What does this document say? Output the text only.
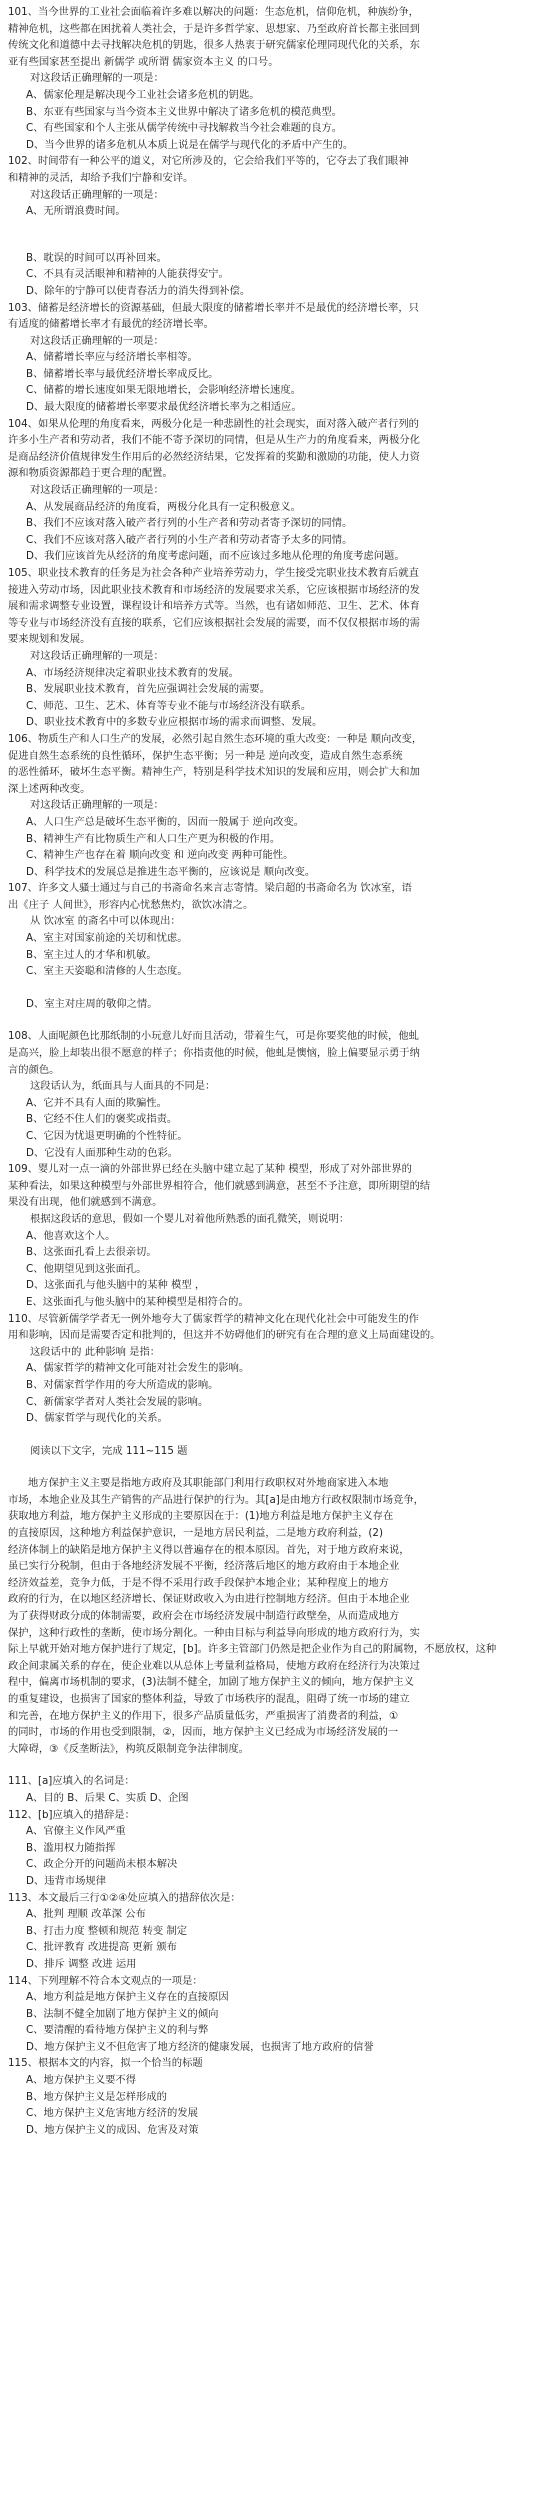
101、当今世界的工业社会面临着许多难以解决的问题：生态危机，信仰危机，种族纷争，

精神危机，这些都在困扰着人类社会，于是许多哲学家、思想家、乃至政府首长都主张回到

传统文化和道德中去寻找解决危机的钥匙，很多人热衷于研究儒家伦理同现代化的关系，东

亚有些国家甚至提出 新儒学 或所谓 儒家资本主义 的口号。

对这段话正确理解的一项是：

A、儒家伦理是解决现今工业社会诸多危机的钥匙。

B、东亚有些国家与当今资本主义世界中解决了诸多危机的模范典型。

C、有些国家和个人主张从儒学传统中寻找解救当今社会难题的良方。

D、当今世界的诸多危机从本质上说是在儒学与现代化的矛盾中产生的。

102、时间带有一种公平的道义，对它所涉及的，它会给我们平等的，它夺去了我们眼神

和精神的灵活，却给予我们宁静和安详。

对这段话正确理解的一项是：

A、无所谓浪费时间。

B、耽误的时间可以再补回来。

C、不具有灵活眼神和精神的人能获得安宁。

D、除年的宁静可以使青春活力的消失得到补偿。

103、储蓄是经济增长的资源基础，但最大限度的储蓄增长率并不是最优的经济增长率，只

有适度的储蓄增长率才有最优的经济增长率。

对这段话正确理解的一项是：

A、储蓄增长率应与经济增长率相等。

B、储蓄增长率与最优经济增长率成反比。

C、储蓄的增长速度如果无限地增长，会影响经济增长速度。

D、最大限度的储蓄增长率要求最优经济增长率为之相适应。

104、如果从伦理的角度看来，两极分化是一种悲剧性的社会现实，面对落入破产者行列的

许多小生产者和劳动者，我们不能不寄予深切的同情，但是从生产力的角度看来，两极分化

是商品经济价值规律发生作用后的必然经济结果，它发挥着的奖勤和激励的功能，使人力资

源和物质资源都趋于更合理的配置。

对这段话正确理解的一项是：

A、从发展商品经济的角度看，两极分化具有一定积极意义。

B、我们不应该对落入破产者行列的小生产者和劳动者寄予深切的同情。

C、我们不应该对落入破产者行列的小生产者和劳动者寄予太多的同情。

D、我们应该首先从经济的角度考虑问题，而不应该过多地从伦理的角度考虑问题。

105、职业技术教育的任务是为社会各种产业培养劳动力，学生接受完职业技术教育后就直

接进入劳动市场，因此职业技术教育和市场经济的发展要求关系，它应该根据市场经济的发

展和需求调整专业设置，课程设计和培养方式等。当然，也有诸如师范、卫生、艺术、体育

等专业与市场经济没有直接的联系，它们应该根据社会发展的需要，而不仅仅根据市场的需

要来规划和发展。

对这段话正确理解的一项是：

A、市场经济规律决定着职业技术教育的发展。

B、发展职业技术教育，首先应强调社会发展的需要。

C、师范、卫生、艺术、体育等专业不能与市场经济没有联系。

D、职业技术教育中的多数专业应根据市场的需求而调整、发展。

106、物质生产和人口生产的发展，必然引起自然生态环境的重大改变：一种是 顺向改变，

促进自然生态系统的良性循环，保护生态平衡；另一种是 逆向改变，造成自然生态系统

的恶性循环，破坏生态平衡。精神生产，特别是科学技术知识的发展和应用，则会扩大和加

深上述两种改变。

对这段话正确理解的一项是：

A、人口生产总是破坏生态平衡的，因而一般属于 逆向改变。

B、精神生产有比物质生产和人口生产更为积极的作用。

C、精神生产也存在着 顺向改变 和 逆向改变 两种可能性。

D、科学技术的发展总是推进生态平衡的，应该说是 顺向改变。

107、许多文人骚士通过与自己的书斋命名来言志寄情。梁启超的书斋命名为 饮冰室，语

出《庄子 人间世》，形容内心忧愁焦灼，欲饮冰清之。

从 饮冰室 的斋名中可以体现出：

A、室主对国家前途的关切和忧虑。

B、室主过人的才华和机敏。

C、室主天姿聪和清修的人生态度。

D、室主对庄周的敬仰之情。

108、人面呢颜色比那纸制的小玩意儿好而且活动，带着生气，可是你要奖他的时候，他虬

是高兴，脸上却装出很不愿意的样子；你指责他的时候，他虬是懊恼，脸上偏要显示勇于纳

言的颜色。

这段话认为，纸面具与人面具的不同是：

A、它并不具有人面的欺骗性。

B、它经不住人们的褒奖或指责。

C、它因为忧退更明确的个性特征。

D、它没有人面那种生动的色彩。

109、婴儿对一点一滴的外部世界已经在头脑中建立起了某种 模型，形成了对外部世界的

某种看法，如果这种模型与外部世界相符合，他们就感到满意，甚至不予注意，即所期望的结

果没有出现，他们就感到不满意。

根据这段话的意思，假如一个婴儿对着他所熟悉的面孔微笑，则说明：

A、他喜欢这个人。

B、这张面孔看上去很亲切。

C、他期望见到这张面孔。

D、这张面孔与他头脑中的某种 模型 ，

E、这张面孔与他头脑中的某种模型是相符合的。

110、尽管新儒学学者无一例外地夸大了儒家哲学的精神文化在现代化社会中可能发生的作

用和影响，因而是需要否定和批判的，但这并不妨碍他们的研究有在合理的意义上局面建设的。

这段话中的 此种影响 是指：

A、儒家哲学的精神文化可能对社会发生的影响。

B、对儒家哲学作用的夸大所造成的影响。

C、新儒家学者对人类社会发展的影响。

D、儒家哲学与现代化的关系。

阅读以下文字，完成 111~115 题

地方保护主义主要是指地方政府及其职能部门利用行政职权对外地商家进入本地

市场，本地企业及其生产销售的产品进行保护的行为。其[a]是由地方行政权限制市场竞争，

获取地方利益，地方保护主义形成的主要原因在于：(1)地方利益是地方保护主义存在

的直接原因，这种地方利益保护意识，一是地方居民利益，二是地方政府利益，(2)

经济体制上的缺陷是地方保护主义得以普遍存在的根本原因。首先，对于地方政府来说，

虽已实行分税制，但由于各地经济发展不平衡，经济落后地区的地方政府由于本地企业

经济效益差，竞争力低，于是不得不采用行政手段保护本地企业；某种程度上的地方

政府的行为，在以地区经济增长、保证财政收入为由进行控制地方经济。但由于本地企业

为了获得财政分成的体制需要，政府会在市场经济发展中制造行政壁垒，从而造成地方

保护，这种行政性的垄断，使市场分割化。一种由目标与利益导向形成的地方政府行为，实

际上早就开始对地方保护进行了规定，[b]。许多主管部门仍然是把企业作为自己的附属物，不愿放权，这种

政企间隶属关系的存在，使企业难以从总体上考量利益格局，使地方政府在经济行为决策过

程中，偏离市场机制的要求，(3)法制不健全，加剧了地方保护主义的倾向，地方保护主义

的重复建设，也损害了国家的整体利益，导致了市场秩序的混乱，阻碍了统一市场的建立

和完善，在地方保护主义的作用下，很多产品质量低劣，严重损害了消费者的利益，①

的同时，市场的作用也受到限制，②，因而，地方保护主义已经成为市场经济发展的一

大障碍，③《反垄断法》，构筑反限制竞争法律制度。

111、[a]应填入的名词是：

A、目的 B、后果 C、实质 D、企图

112、[b]应填入的措辞是：

A、官僚主义作风严重

B、滥用权力随指挥

C、政企分开的问题尚未根本解决

D、违背市场规律

113、本文最后三行①②④处应填入的措辞依次是：

A、批判 理顺 改革深 公布

B、打击力度 整顿和规范 转变 制定

C、批评教育 改进提高 更新 颁布

D、排斥 调整 改进 运用

114、下列理解不符合本文观点的一项是：

A、地方利益是地方保护主义存在的直接原因

B、法制不健全加剧了地方保护主义的倾向

C、要清醒的看待地方保护主义的利与弊

D、地方保护主义不但危害了地方经济的健康发展，也损害了地方政府的信誉

115、根据本文的内容，拟一个恰当的标题

A、地方保护主义要不得

B、地方保护主义是怎样形成的

C、地方保护主义危害地方经济的发展

D、地方保护主义的成因、危害及对策
